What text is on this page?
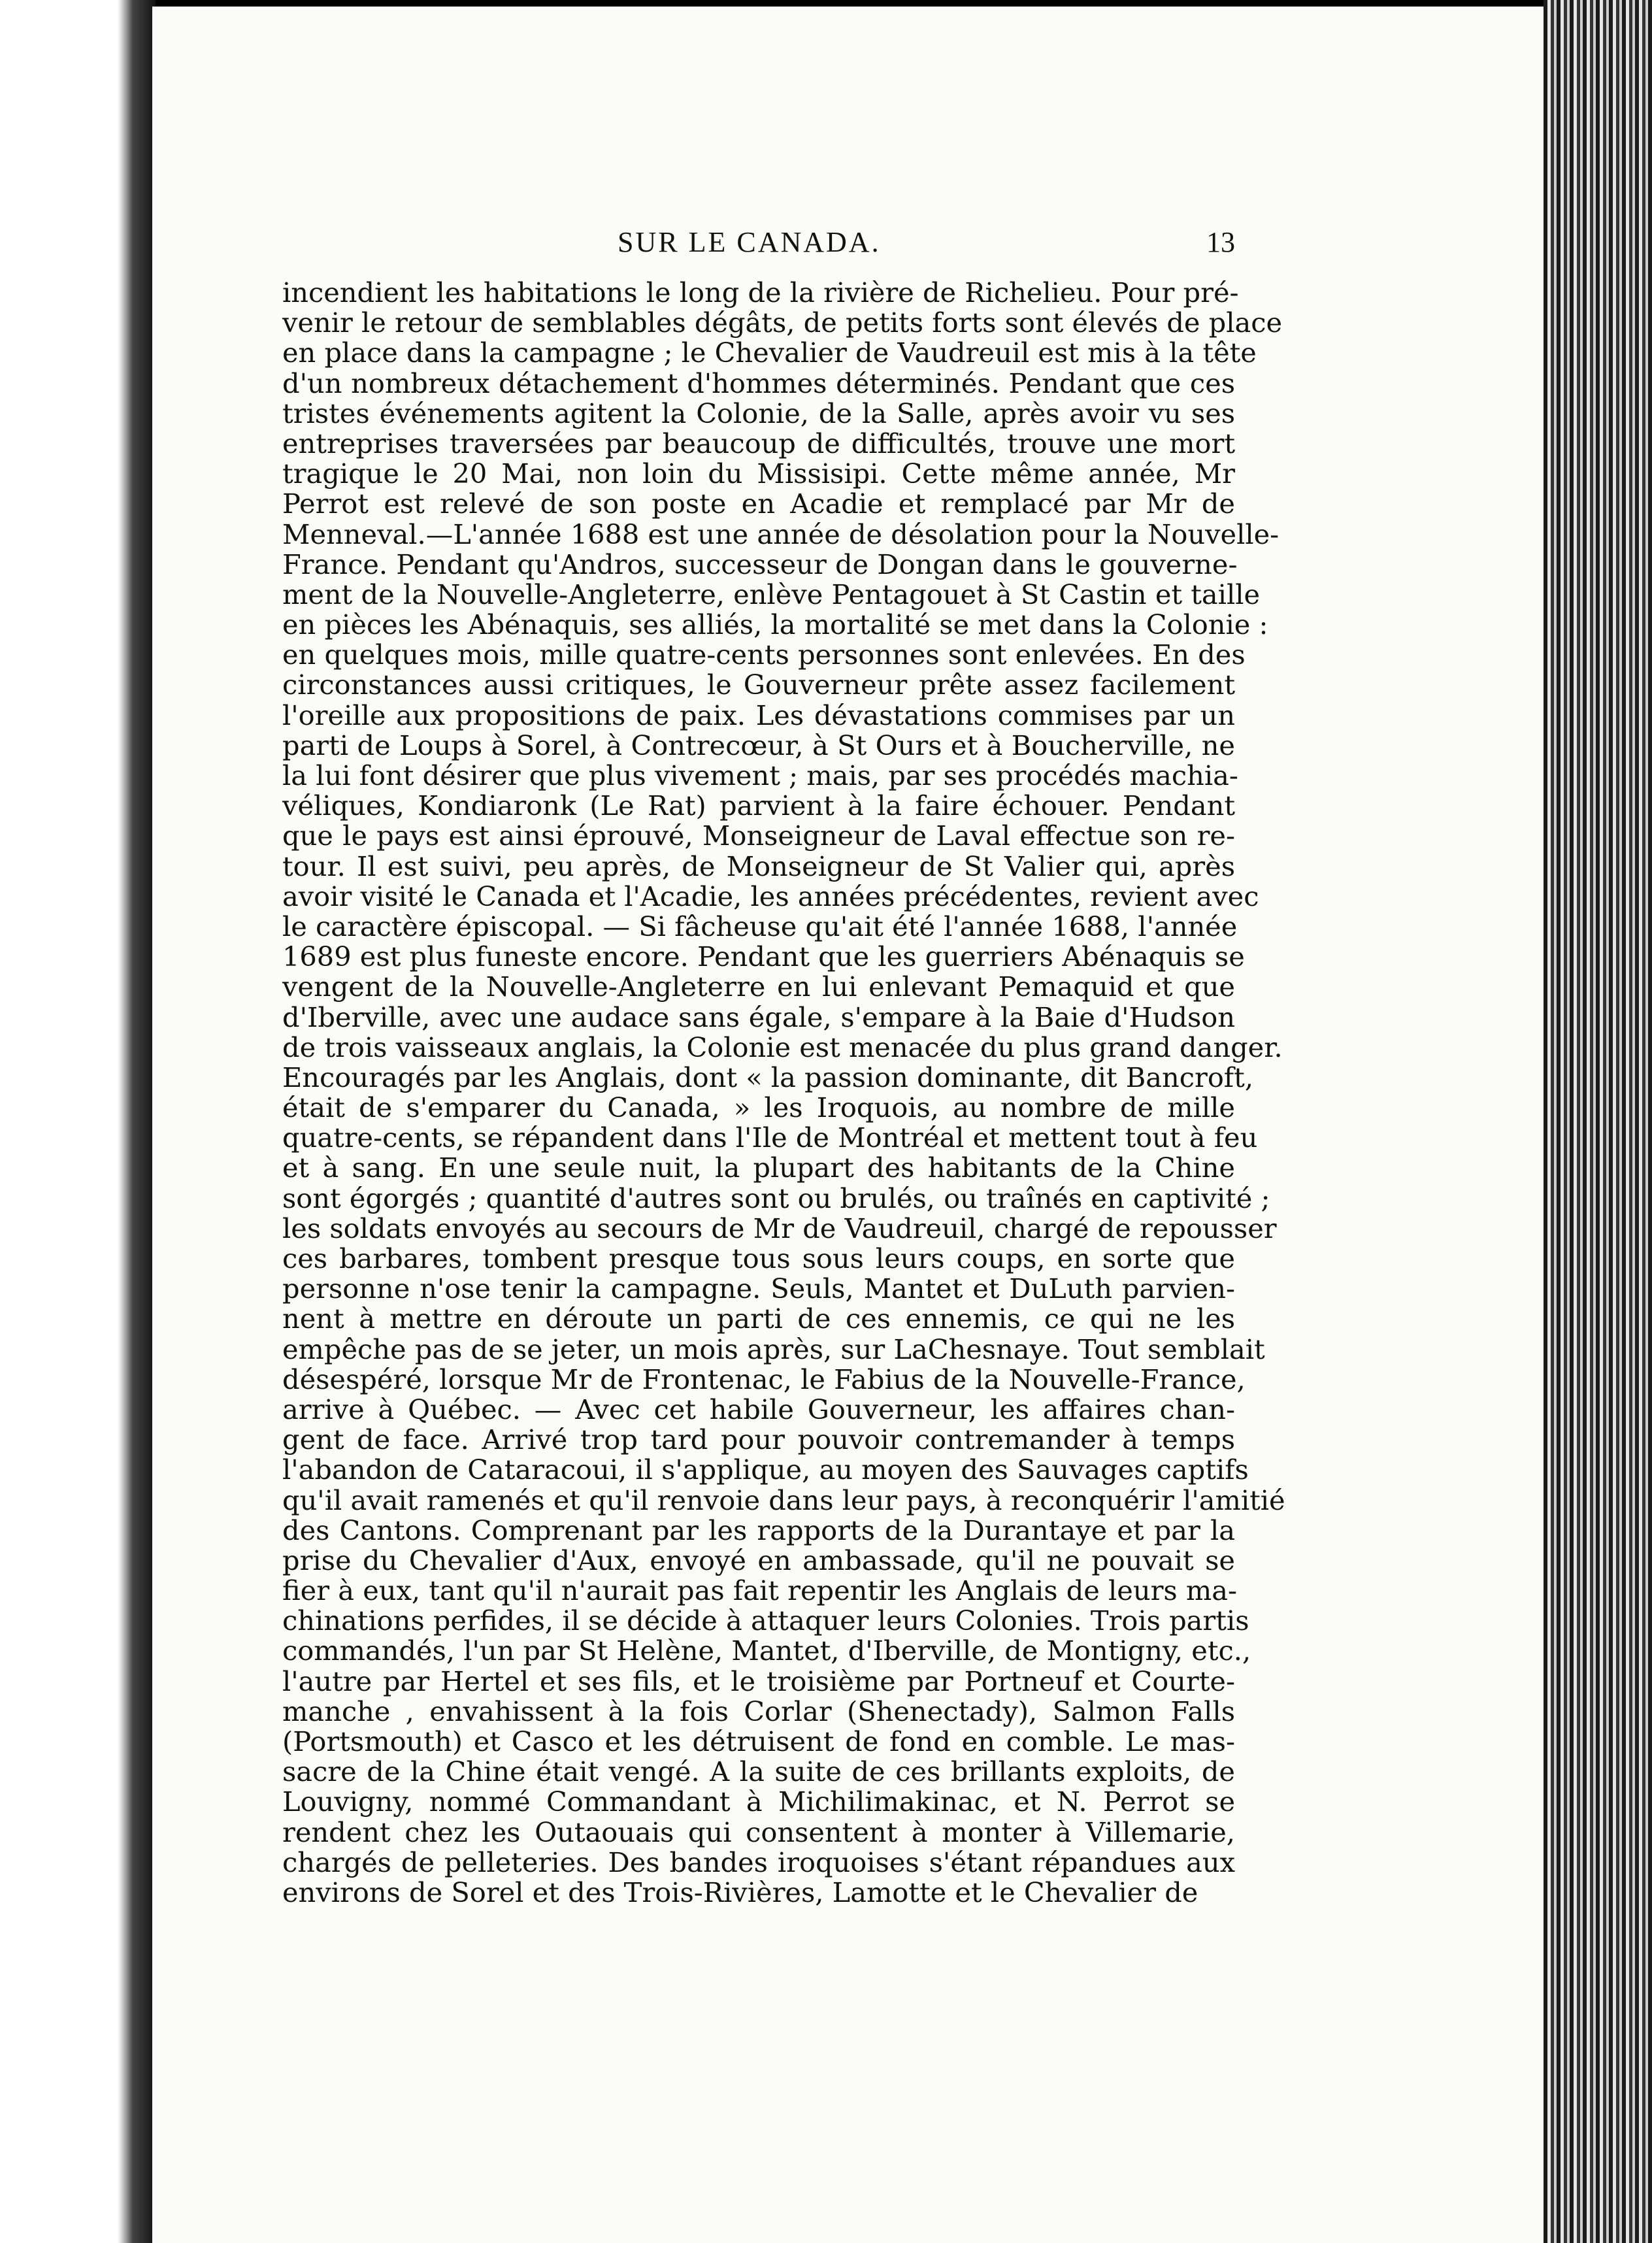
SUR LE CANADA.	13
incendient les habitations le long de la rivière de Richelieu. Pour pré-
venir le retour de semblables dégâts, de petits forts sont élevés de place
en place dans la campagne ; le Chevalier de Vaudreuil est mis à la tête
d'un nombreux détachement d'hommes déterminés. Pendant que ces
tristes événements agitent la Colonie, de la Salle, après avoir vu ses
entreprises traversées par beaucoup de difficultés, trouve une mort
tragique le 20 Mai, non loin du Missisipi. Cette même année, Mr
Perrot est relevé de son poste en Acadie et remplacé par Mr de
Menneval.—L'année 1688 est une année de désolation pour la Nouvelle-
France. Pendant qu'Andros, successeur de Dongan dans le gouverne-
ment de la Nouvelle-Angleterre, enlève Pentagouet à St Castin et taille
en pièces les Abénaquis, ses alliés, la mortalité se met dans la Colonie :
en quelques mois, mille quatre-cents personnes sont enlevées. En des
circonstances aussi critiques, le Gouverneur prête assez facilement
l'oreille aux propositions de paix. Les dévastations commises par un
parti de Loups à Sorel, à Contrecœur, à St Ours et à Boucherville, ne
la lui font désirer que plus vivement ; mais, par ses procédés machia-
véliques, Kondiaronk (Le Rat) parvient à la faire échouer. Pendant
que le pays est ainsi éprouvé, Monseigneur de Laval effectue son re-
tour. Il est suivi, peu après, de Monseigneur de St Valier qui, après
avoir visité le Canada et l'Acadie, les années précédentes, revient avec
le caractère épiscopal. — Si fâcheuse qu'ait été l'année 1688, l'année
1689 est plus funeste encore. Pendant que les guerriers Abénaquis se
vengent de la Nouvelle-Angleterre en lui enlevant Pemaquid et que
d'Iberville, avec une audace sans égale, s'empare à la Baie d'Hudson
de trois vaisseaux anglais, la Colonie est menacée du plus grand danger.
Encouragés par les Anglais, dont « la passion dominante, dit Bancroft,
était de s'emparer du Canada, » les Iroquois, au nombre de mille
quatre-cents, se répandent dans l'Ile de Montréal et mettent tout à feu
et à sang. En une seule nuit, la plupart des habitants de la Chine
sont égorgés ; quantité d'autres sont ou brulés, ou traînés en captivité ;
les soldats envoyés au secours de Mr de Vaudreuil, chargé de repousser
ces barbares, tombent presque tous sous leurs coups, en sorte que
personne n'ose tenir la campagne. Seuls, Mantet et DuLuth parvien-
nent à mettre en déroute un parti de ces ennemis, ce qui ne les
empêche pas de se jeter, un mois après, sur LaChesnaye. Tout semblait
désespéré, lorsque Mr de Frontenac, le Fabius de la Nouvelle-France,
arrive à Québec. — Avec cet habile Gouverneur, les affaires chan-
gent de face. Arrivé trop tard pour pouvoir contremander à temps
l'abandon de Cataracoui, il s'applique, au moyen des Sauvages captifs
qu'il avait ramenés et qu'il renvoie dans leur pays, à reconquérir l'amitié
des Cantons. Comprenant par les rapports de la Durantaye et par la
prise du Chevalier d'Aux, envoyé en ambassade, qu'il ne pouvait se
fier à eux, tant qu'il n'aurait pas fait repentir les Anglais de leurs ma-
chinations perfides, il se décide à attaquer leurs Colonies. Trois partis
commandés, l'un par St Helène, Mantet, d'Iberville, de Montigny, etc.,
l'autre par Hertel et ses fils, et le troisième par Portneuf et Courte-
manche , envahissent à la fois Corlar (Shenectady), Salmon Falls
(Portsmouth) et Casco et les détruisent de fond en comble. Le mas-
sacre de la Chine était vengé. A la suite de ces brillants exploits, de
Louvigny, nommé Commandant à Michilimakinac, et N. Perrot se
rendent chez les Outaouais qui consentent à monter à Villemarie,
chargés de pelleteries. Des bandes iroquoises s'étant répandues aux
environs de Sorel et des Trois-Rivières, Lamotte et le Chevalier de
